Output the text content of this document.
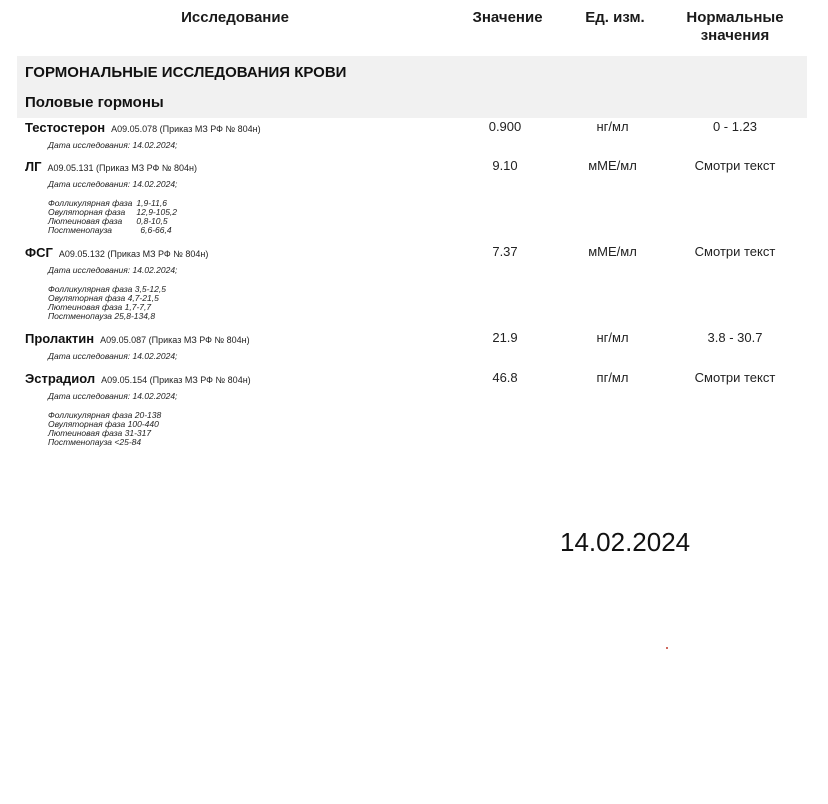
Исследование	Значение	Ед. изм.	Нормальные
значения
ГОРМОНАЛЬНЫЕ ИССЛЕДОВАНИЯ КРОВИ
Половые гормоны
Тестостерон A09.05.078 (Приказ МЗ РФ № 804н)
Дата исследования: 14.02.2024;
0.900	нг/мл	0 - 1.23
ЛГ A09.05.131 (Приказ МЗ РФ № 804н)
Дата исследования: 14.02.2024;
Фолликулярная фаза	1,9-11,6
Овуляторная фаза	12,9-105,2
Лютеиновая фаза	0,8-10,5
Постменопауза	6,6-66,4
9.10	мМЕ/мл	Смотри текст
ФСГ A09.05.132 (Приказ МЗ РФ № 804н)
Дата исследования: 14.02.2024;
Фолликулярная фаза 3,5-12,5
Овуляторная фаза 4,7-21,5
Лютеиновая фаза 1,7-7,7
Постменопауза 25,8-134,8
7.37	мМЕ/мл	Смотри текст
Пролактин A09.05.087 (Приказ МЗ РФ № 804н)
Дата исследования: 14.02.2024;
21.9	нг/мл	3.8 - 30.7
Эстрадиол A09.05.154 (Приказ МЗ РФ № 804н)
Дата исследования: 14.02.2024;
Фолликулярная фаза 20-138
Овуляторная фаза 100-440
Лютеиновая фаза 31-317
Постменопауза <25-84
46.8	пг/мл	Смотри текст
14.02.2024
